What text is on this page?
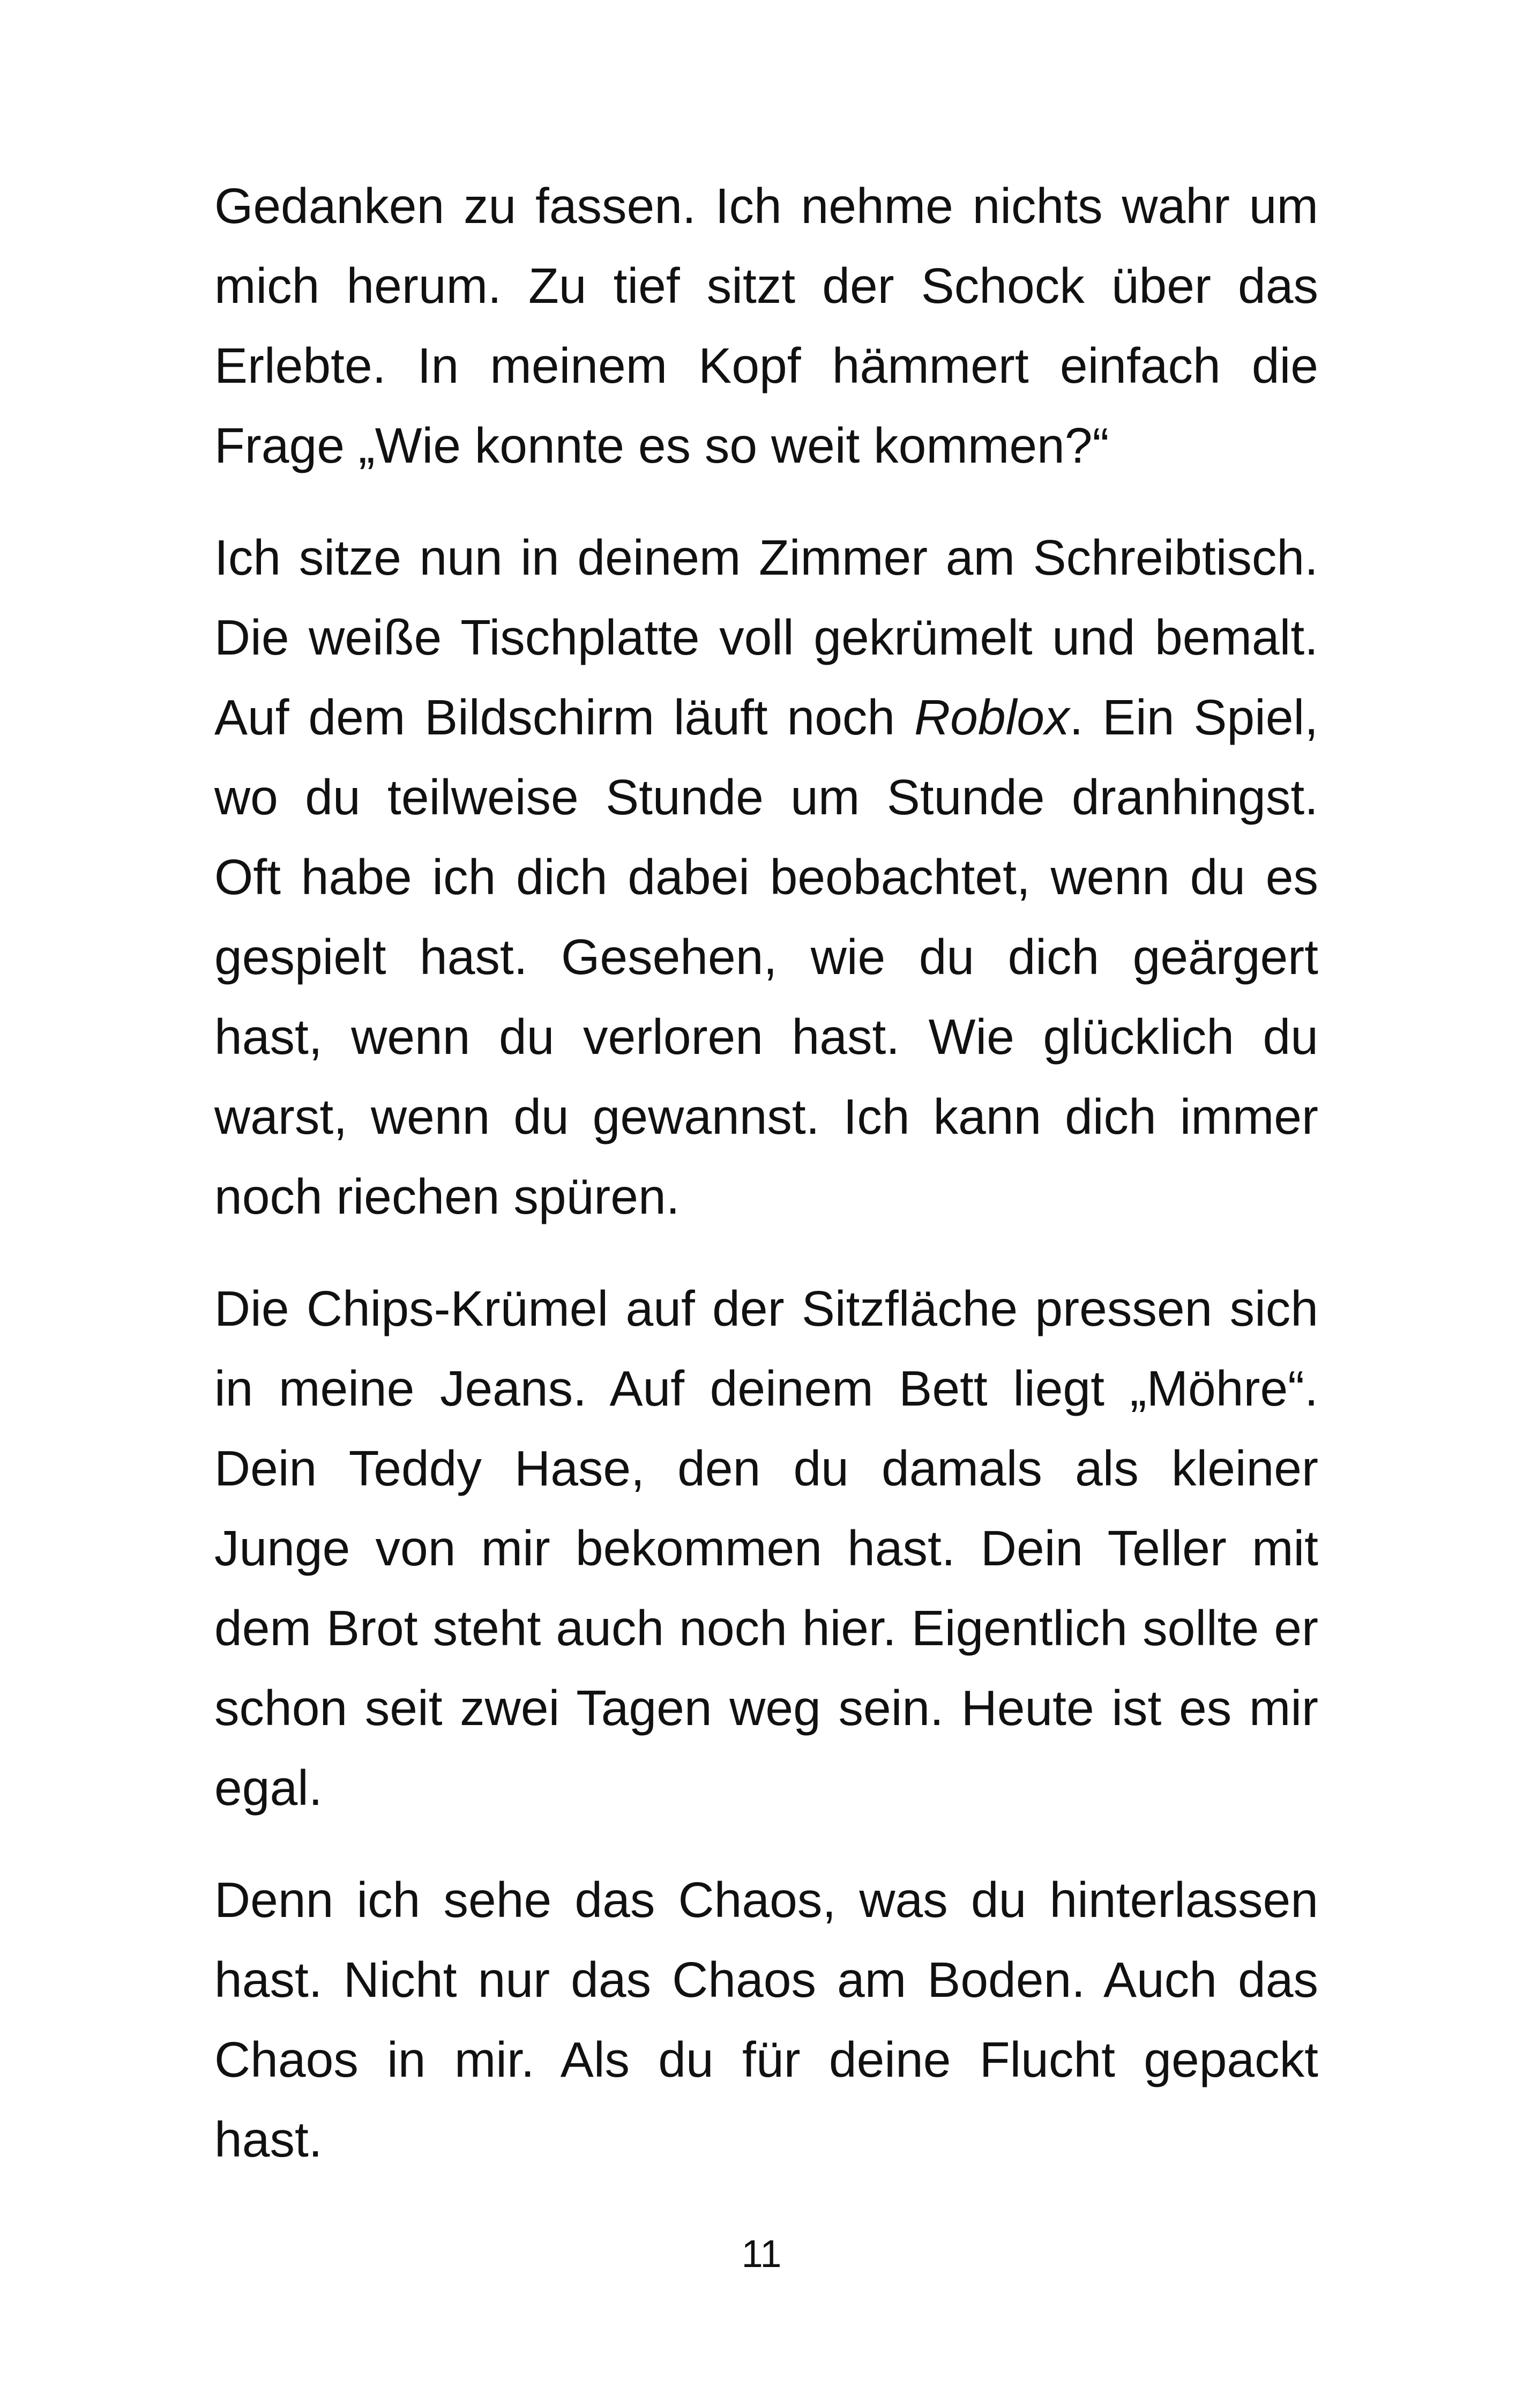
Gedanken zu fassen. Ich nehme nichts wahr um mich herum. Zu tief sitzt der Schock über das Erlebte. In meinem Kopf hämmert einfach die Frage „Wie konnte es so weit kommen?“

Ich sitze nun in deinem Zimmer am Schreibtisch. Die weiße Tischplatte voll gekrümelt und bemalt. Auf dem Bildschirm läuft noch Roblox. Ein Spiel, wo du teilweise Stunde um Stunde dranhingst. Oft habe ich dich dabei beobachtet, wenn du es gespielt hast. Gesehen, wie du dich geärgert hast, wenn du verloren hast. Wie glücklich du warst, wenn du gewannst. Ich kann dich immer noch riechen spüren.

Die Chips-Krümel auf der Sitzfläche pressen sich in meine Jeans. Auf deinem Bett liegt „Möhre“. Dein Teddy Hase, den du damals als kleiner Junge von mir bekommen hast. Dein Teller mit dem Brot steht auch noch hier. Eigentlich sollte er schon seit zwei Tagen weg sein. Heute ist es mir egal.

Denn ich sehe das Chaos, was du hinterlassen hast. Nicht nur das Chaos am Boden. Auch das Chaos in mir. Als du für deine Flucht gepackt hast.

11
